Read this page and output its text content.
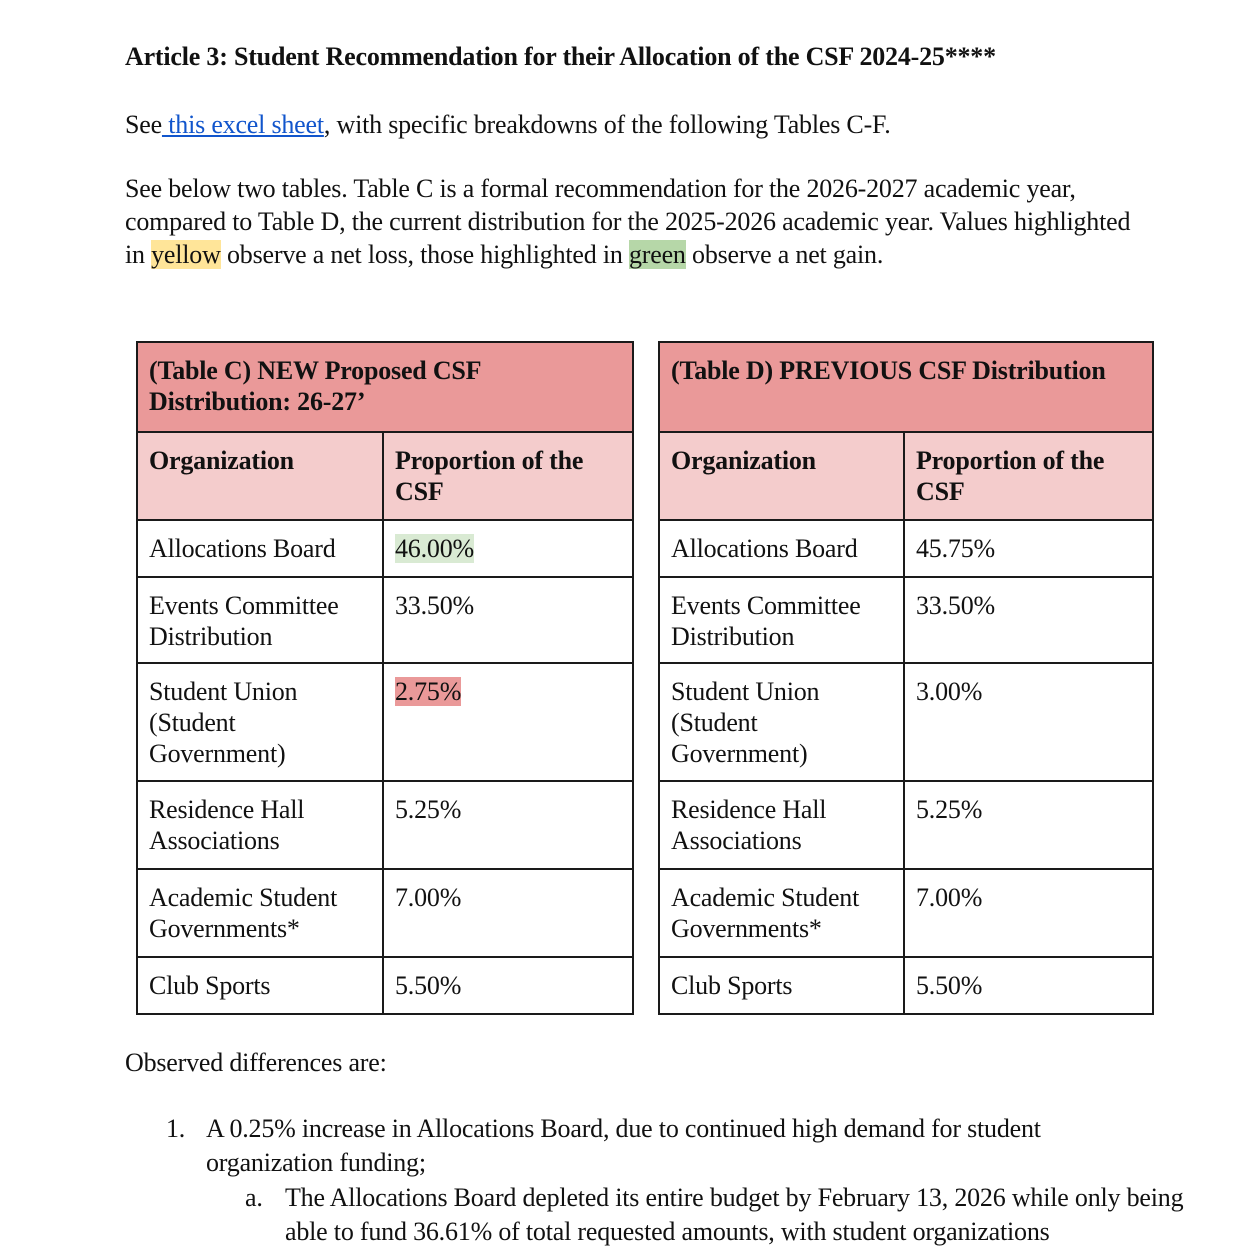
Article 3: Student Recommendation for their Allocation of the CSF 2024-25****
See this excel sheet, with specific breakdowns of the following Tables C-F.
See below two tables. Table C is a formal recommendation for the 2026-2027 academic year, compared to Table D, the current distribution for the 2025-2026 academic year. Values highlighted in yellow observe a net loss, those highlighted in green observe a net gain.
(Table C) NEW Proposed CSF Distribution: 26-27’	
Organization	Proportion of the CSF
Allocations Board	46.00%
Events Committee Distribution	33.50%
Student Union (Student Government)	2.75%
Residence Hall Associations	5.25%
Academic Student Governments*	7.00%
Club Sports	5.50%
(Table D) PREVIOUS CSF Distribution	
Organization	Proportion of the CSF
Allocations Board	45.75%
Events Committee Distribution	33.50%
Student Union (Student Government)	3.00%
Residence Hall Associations	5.25%
Academic Student Governments*	7.00%
Club Sports	5.50%
Observed differences are:
1. A 0.25% increase in Allocations Board, due to continued high demand for student organization funding;
a. The Allocations Board depleted its entire budget by February 13, 2026 while only being able to fund 36.61% of total requested amounts, with student organizations
